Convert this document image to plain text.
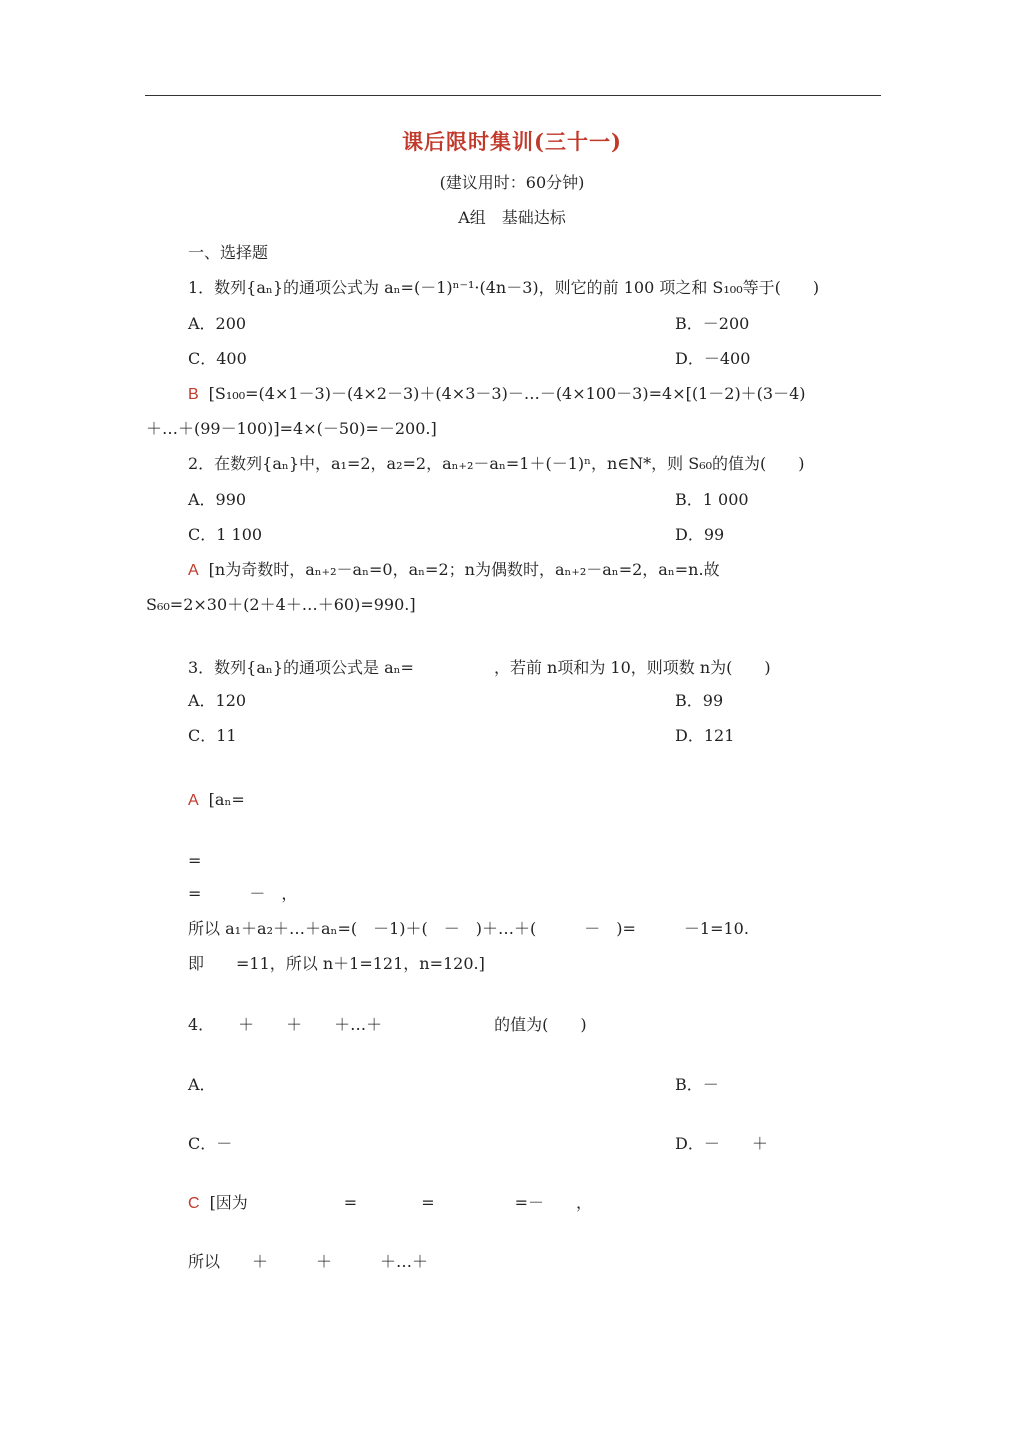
课后限时集训(三十一)
(建议用时：60分钟)
A组　基础达标
一、选择题
1．数列{aₙ}的通项公式为 aₙ=(－1)ⁿ⁻¹·(4n－3)，则它的前 100 项之和 S₁₀₀等于(　　)
A．200	B．－200
C．400	D．－400
B [S₁₀₀=(4×1－3)－(4×2－3)＋(4×3－3)－…－(4×100－3)=4×[(1－2)＋(3－4)
＋…＋(99－100)]=4×(－50)=－200.]
2．在数列{aₙ}中，a₁=2，a₂=2，aₙ₊₂－aₙ=1＋(－1)ⁿ，n∈N*，则 S₆₀的值为(　　)
A．990	B．1 000
C．1 100	D．99
A [n为奇数时，aₙ₊₂－aₙ=0，aₙ=2；n为偶数时，aₙ₊₂－aₙ=2，aₙ=n.故
S₆₀=2×30＋(2＋4＋…＋60)=990.]
3．数列{aₙ}的通项公式是 aₙ=　　　　　，若前 n项和为 10，则项数 n为(　　)
A．120	B．99
C．11	D．121
A [aₙ=
=
=　　　－　，
所以 a₁＋a₂＋…＋aₙ=(　－1)＋(　－　)＋…＋(　　　－　)=　　　－1=10.
即　　=11，所以 n＋1=121，n=120.]
4．　　＋　　＋　　＋…＋　　　　　　　的值为(　　)
A．	B．－
C．－	D．－　　＋
C [因为　　　　　　=　　　　=　　　　　=－　　，
所以　　＋　　　＋　　　＋…＋
